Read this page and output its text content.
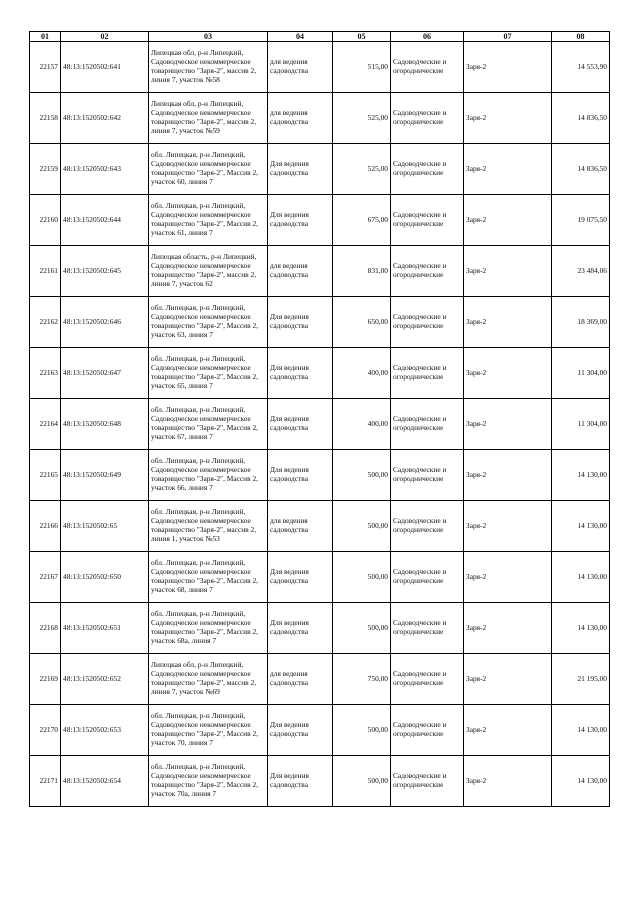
01	02	03	04	05	06	07	08
22157	48:13:1520502:641	Липецкая обл, р-н Липецкий, Садоводческое некоммерческое товарищество "Заря-2", массив 2, линия 7, участок №58	для ведения садоводства	515,00	Садоводческие и огороднические	Заря-2	14 553,90
22158	48:13:1520502:642	Липецкая обл, р-н Липецкий, Садоводческое некоммерческое товарищество "Заря-2", массив 2, линия 7, участок №59	для ведения садоводства	525,00	Садоводческие и огороднические	Заря-2	14 836,50
22159	48:13:1520502:643	обл. Липецкая, р-н Липецкий, Садоводческое некоммерческое товарищество "Заря-2", Массив 2, участок 60, линия 7	Для ведения садоводства	525,00	Садоводческие и огороднические	Заря-2	14 836,50
22160	48:13:1520502:644	обл. Липецкая, р-н Липецкий, Садоводческое некоммерческое товарищество "Заря-2", Массив 2, участок 61, линия 7	Для ведения садоводства	675,00	Садоводческие и огороднические	Заря-2	19 075,50
22161	48:13:1520502:645	Липецкая область, р-н Липецкий, Садоводческое некоммерческое товарищество "Заря-2", массив 2, линия 7, участок 62	для ведения садоводства	831,00	Садоводческие и огороднические	Заря-2	23 484,06
22162	48:13:1520502:646	обл. Липецкая, р-н Липецкий, Садоводческое некоммерческое товарищество "Заря-2", Массив 2, участок 63, линия 7	Для ведения садоводства	650,00	Садоводческие и огороднические	Заря-2	18 369,00
22163	48:13:1520502:647	обл. Липецкая, р-н Липецкий, Садоводческое некоммерческое товарищество "Заря-2", Массив 2, участок 65, линия 7	Для ведения садоводства	400,00	Садоводческие и огороднические	Заря-2	11 304,00
22164	48:13:1520502:648	обл. Липецкая, р-н Липецкий, Садоводческое некоммерческое товарищество "Заря-2", Массив 2, участок 67, линия 7	Для ведения садоводства	400,00	Садоводческие и огороднические	Заря-2	11 304,00
22165	48:13:1520502:649	обл. Липецкая, р-н Липецкий, Садоводческое некоммерческое товарищество "Заря-2", Массив 2, участок 66, линия 7	Для ведения садоводства	500,00	Садоводческие и огороднические	Заря-2	14 130,00
22166	48:13:1520502:65	обл. Липецкая, р-н Липецкий, Садоводческое некоммерческое товарищество "Заря-2", массив 2, линия 1, участок №53	для ведения садоводства	500,00	Садоводческие и огороднические	Заря-2	14 130,00
22167	48:13:1520502:650	обл. Липецкая, р-н Липецкий, Садоводческое некоммерческое товарищество "Заря-2", Массив 2, участок 68, линия 7	Для ведения садоводства	500,00	Садоводческие и огороднические	Заря-2	14 130,00
22168	48:13:1520502:651	обл. Липецкая, р-н Липецкий, Садоводческое некоммерческое товарищество "Заря-2", Массив 2, участок 68а, линия 7	Для ведения садоводства	500,00	Садоводческие и огороднические	Заря-2	14 130,00
22169	48:13:1520502:652	Липецкая обл, р-н Липецкий, Садоводческое некоммерческое товарищество "Заря-2", массив 2, линия 7, участок №69	для ведения садоводства	750,00	Садоводческие и огороднические	Заря-2	21 195,00
22170	48:13:1520502:653	обл. Липецкая, р-н Липецкий, Садоводческое некоммерческое товарищество "Заря-2", Массив 2, участок 70, линия 7	Для ведения садоводства	500,00	Садоводческие и огороднические	Заря-2	14 130,00
22171	48:13:1520502:654	обл. Липецкая, р-н Липецкий, Садоводческое некоммерческое товарищество "Заря-2", Массив 2, участок 70а, линия 7	Для ведения садоводства	500,00	Садоводческие и огороднические	Заря-2	14 130,00
